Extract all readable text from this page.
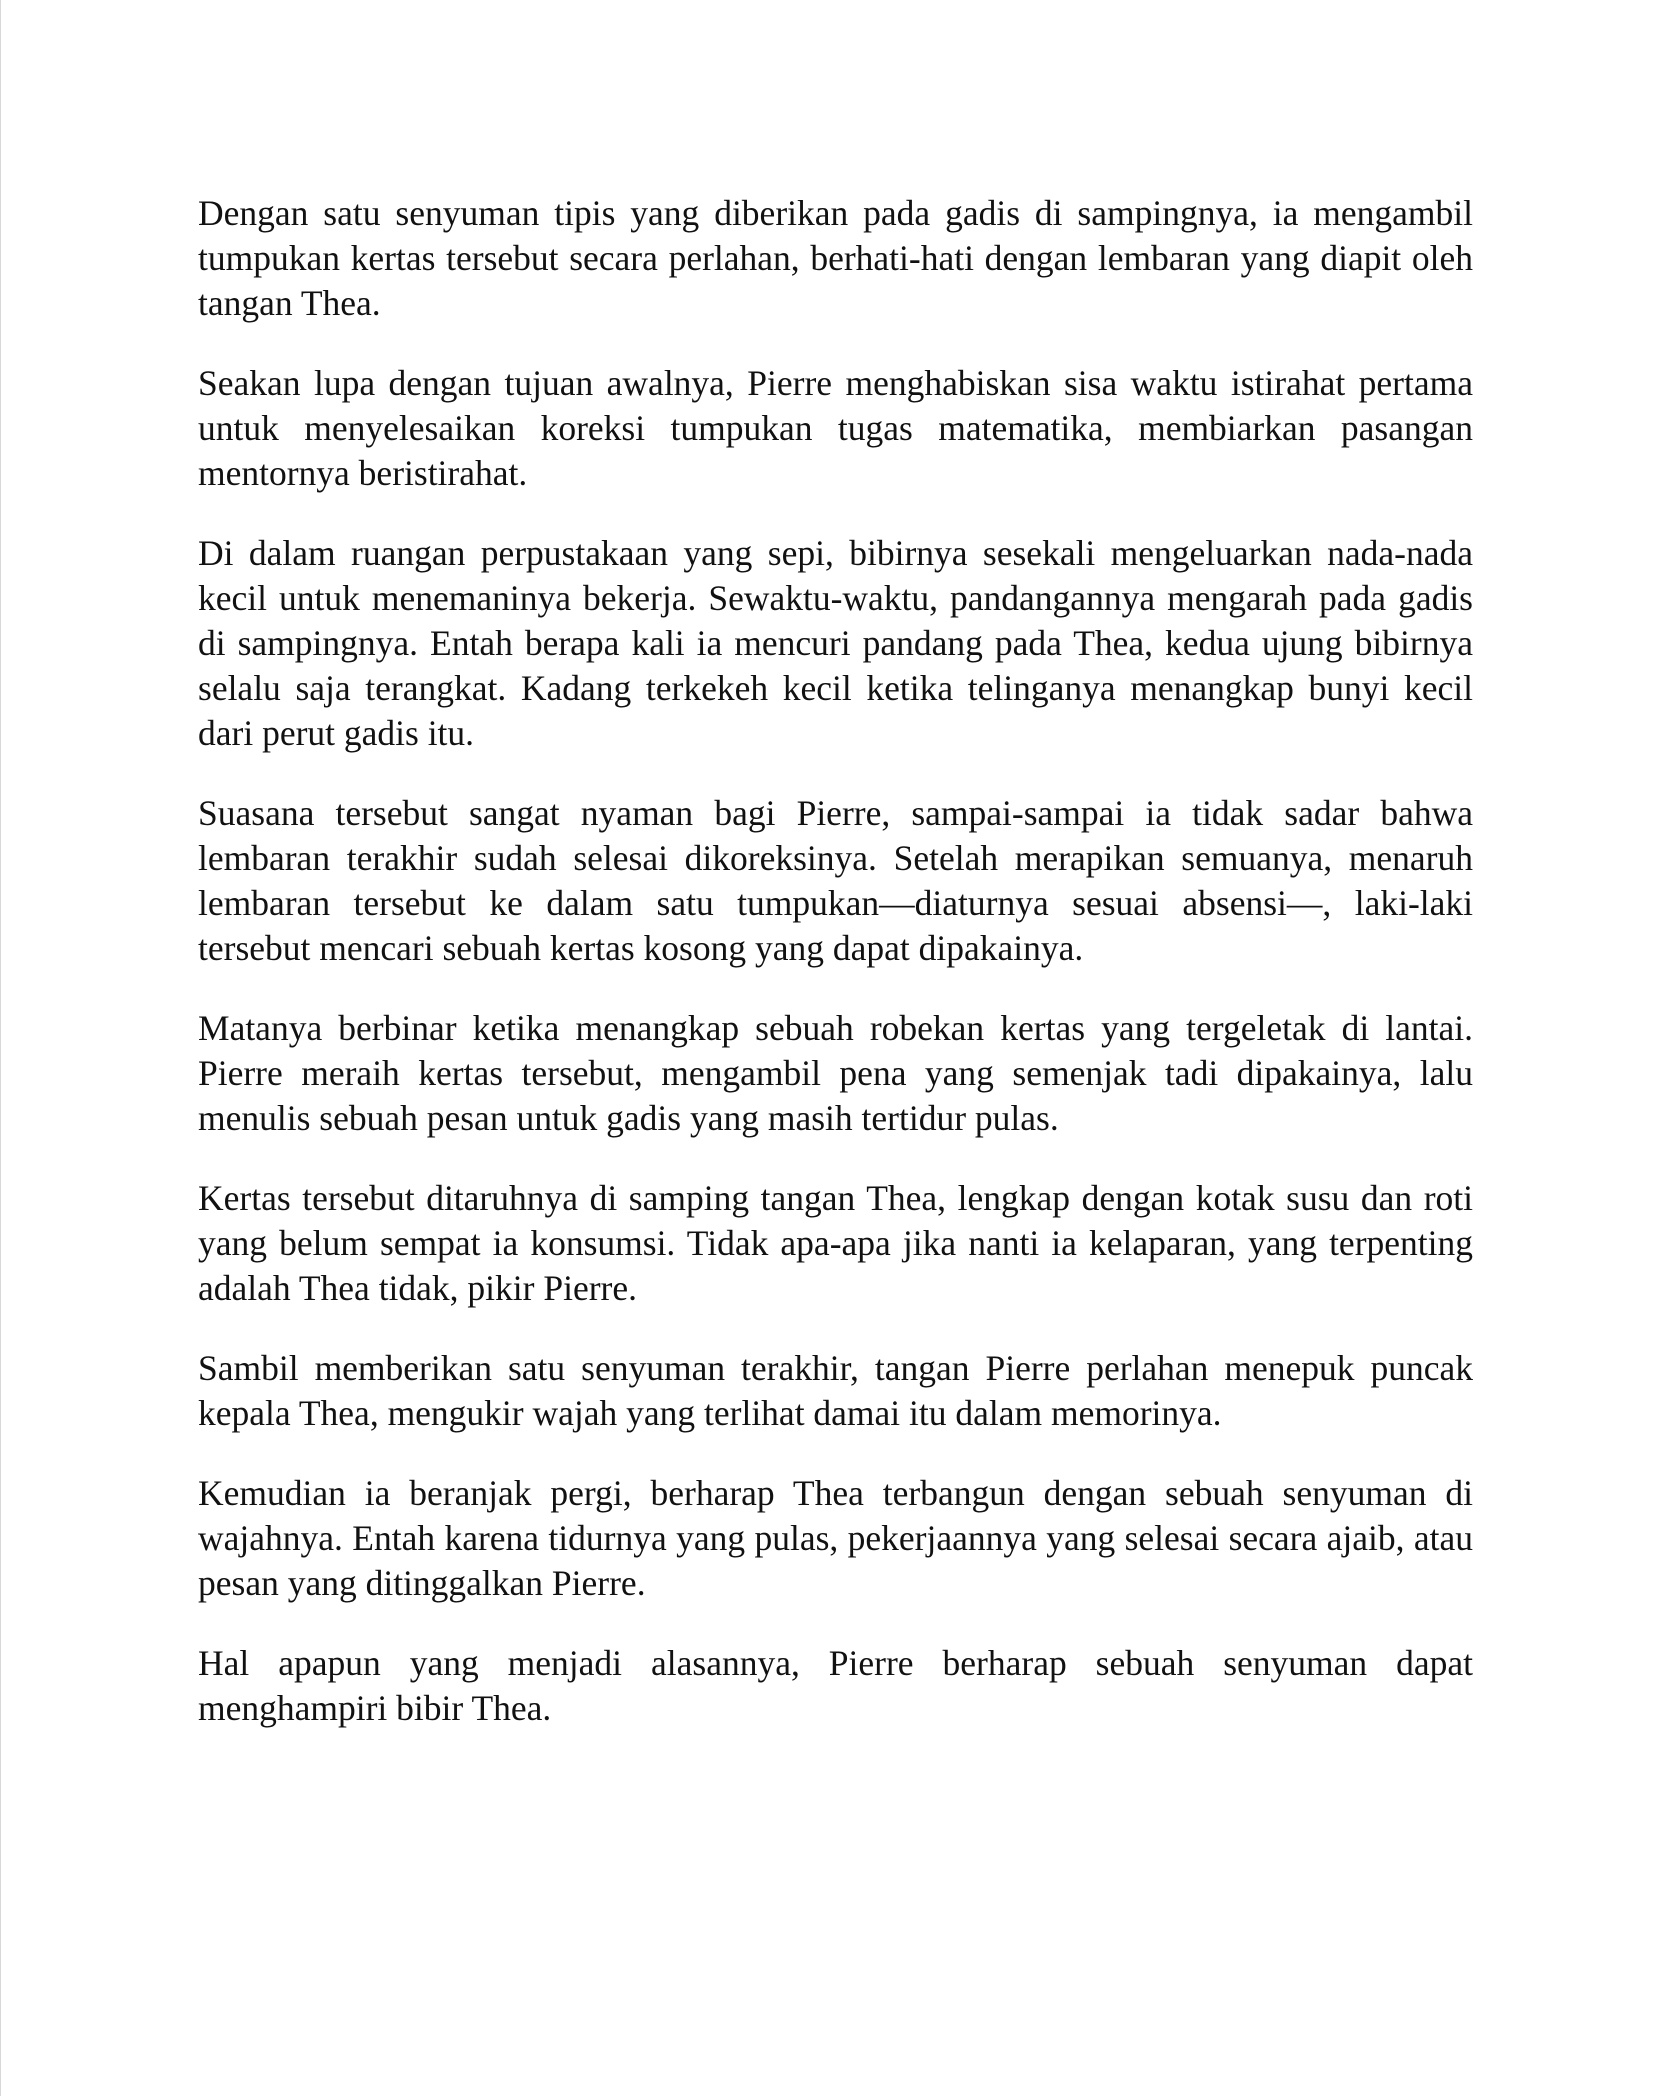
Dengan satu senyuman tipis yang diberikan pada gadis di sampingnya, ia mengambil tumpukan kertas tersebut secara perlahan, berhati-hati dengan lembaran yang diapit oleh tangan Thea.

Seakan lupa dengan tujuan awalnya, Pierre menghabiskan sisa waktu istirahat pertama untuk menyelesaikan koreksi tumpukan tugas matematika, membiarkan pasangan mentornya beristirahat.

Di dalam ruangan perpustakaan yang sepi, bibirnya sesekali mengeluarkan nada-nada kecil untuk menemaninya bekerja. Sewaktu-waktu, pandangannya mengarah pada gadis di sampingnya. Entah berapa kali ia mencuri pandang pada Thea, kedua ujung bibirnya selalu saja terangkat. Kadang terkekeh kecil ketika telinganya menangkap bunyi kecil dari perut gadis itu.

Suasana tersebut sangat nyaman bagi Pierre, sampai-sampai ia tidak sadar bahwa lembaran terakhir sudah selesai dikoreksinya. Setelah merapikan semuanya, menaruh lembaran tersebut ke dalam satu tumpukan—diaturnya sesuai absensi—, laki-laki tersebut mencari sebuah kertas kosong yang dapat dipakainya.

Matanya berbinar ketika menangkap sebuah robekan kertas yang tergeletak di lantai. Pierre meraih kertas tersebut, mengambil pena yang semenjak tadi dipakainya, lalu menulis sebuah pesan untuk gadis yang masih tertidur pulas.

Kertas tersebut ditaruhnya di samping tangan Thea, lengkap dengan kotak susu dan roti yang belum sempat ia konsumsi. Tidak apa-apa jika nanti ia kelaparan, yang terpenting adalah Thea tidak, pikir Pierre.

Sambil memberikan satu senyuman terakhir, tangan Pierre perlahan menepuk puncak kepala Thea, mengukir wajah yang terlihat damai itu dalam memorinya.

Kemudian ia beranjak pergi, berharap Thea terbangun dengan sebuah senyuman di wajahnya. Entah karena tidurnya yang pulas, pekerjaannya yang selesai secara ajaib, atau pesan yang ditinggalkan Pierre.

Hal apapun yang menjadi alasannya, Pierre berharap sebuah senyuman dapat menghampiri bibir Thea.
